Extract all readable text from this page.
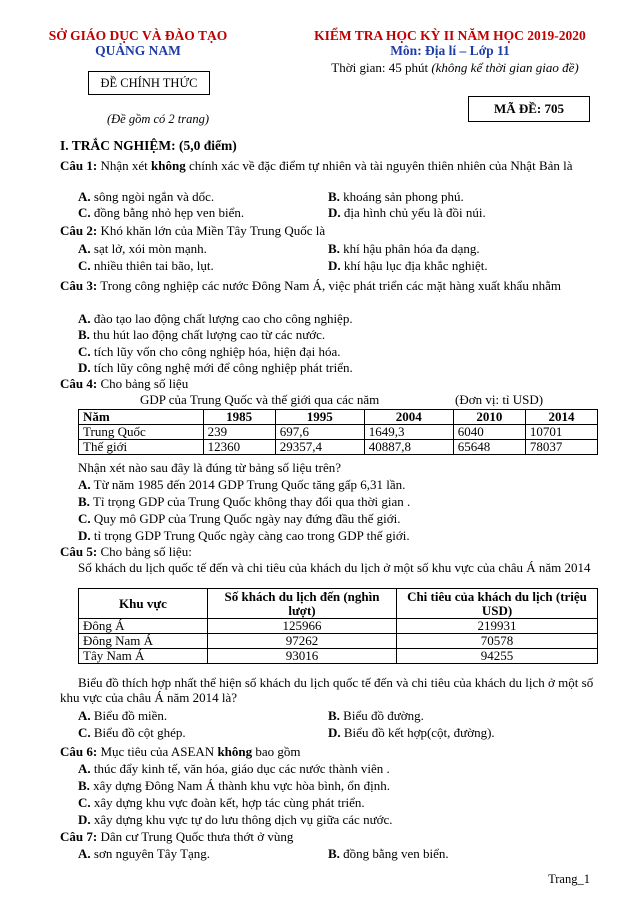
SỞ GIÁO DỤC VÀ ĐÀO TẠO
QUẢNG NAM
KIỂM TRA HỌC KỲ II NĂM HỌC 2019-2020
Môn: Địa lí – Lớp 11
Thời gian: 45 phút (không kể thời gian giao đề)
ĐỀ CHÍNH THỨC
(Đề gồm có 2 trang)
MÃ ĐỀ: 705
I. TRẮC NGHIỆM: (5,0 điểm)
Câu 1: Nhận xét không chính xác về đặc điểm tự nhiên và tài nguyên thiên nhiên của Nhật Bản là
A. sông ngòi ngắn và dốc.	B. khoáng sản phong phú.
C. đồng bằng nhỏ hẹp ven biển.	D. địa hình chủ yếu là đồi núi.
Câu 2: Khó khăn lớn của Miền Tây Trung Quốc là
A. sạt lở, xói mòn mạnh.	B. khí hậu phân hóa đa dạng.
C. nhiều thiên tai bão, lụt.	D. khí hậu lục địa khắc nghiệt.
Câu 3: Trong công nghiệp các nước Đông Nam Á, việc phát triển các mặt hàng xuất khẩu nhằm
A. đào tạo lao động chất lượng cao cho công nghiệp.
B. thu hút lao động chất lượng cao từ các nước.
C. tích lũy vốn cho công nghiệp hóa, hiện đại hóa.
D. tích lũy công nghệ mới để công nghiệp phát triển.
Câu 4: Cho bảng số liệu
GDP của Trung Quốc và thế giới qua các năm	(Đơn vị: tỉ USD)
Năm	1985	1995	2004	2010	2014
Trung Quốc	239	697,6	1649,3	6040	10701
Thế giới	12360	29357,4	40887,8	65648	78037
Nhận xét nào sau đây là đúng từ bảng số liệu trên?
A. Từ năm 1985 đến 2014 GDP Trung Quốc tăng gấp 6,31 lần.
B. Tỉ trọng GDP của Trung Quốc không thay đổi qua thời gian .
C. Quy mô GDP của Trung Quốc ngày nay đứng đầu thế giới.
D. tỉ trọng GDP Trung Quốc ngày càng cao trong GDP thế giới.
Câu 5: Cho bảng số liệu:
Số khách du lịch quốc tế đến và chi tiêu của khách du lịch ở một số khu vực của châu Á năm 2014
Khu vực	Số khách du lịch đến (nghìn lượt)	Chi tiêu của khách du lịch (triệu USD)
Đông Á	125966	219931
Đông Nam Á	97262	70578
Tây Nam Á	93016	94255
Biểu đồ thích hợp nhất thể hiện số khách du lịch quốc tế đến và chi tiêu của khách du lịch ở một số khu vực của châu Á năm 2014 là?
A. Biểu đồ miền.	B. Biểu đồ đường.
C. Biểu đồ cột ghép.	D. Biểu đồ kết hợp(cột, đường).
Câu 6: Mục tiêu của ASEAN không bao gồm
A. thúc đẩy kinh tế, văn hóa, giáo dục các nước thành viên .
B. xây dựng Đông Nam Á thành khu vực hòa bình, ổn định.
C. xây dựng khu vực đoàn kết, hợp tác cùng phát triển.
D. xây dựng khu vực tự do lưu thông dịch vụ giữa các nước.
Câu 7: Dân cư Trung Quốc thưa thớt ở vùng
A. sơn nguyên Tây Tạng.	B. đồng bằng ven biển.
Trang_1
